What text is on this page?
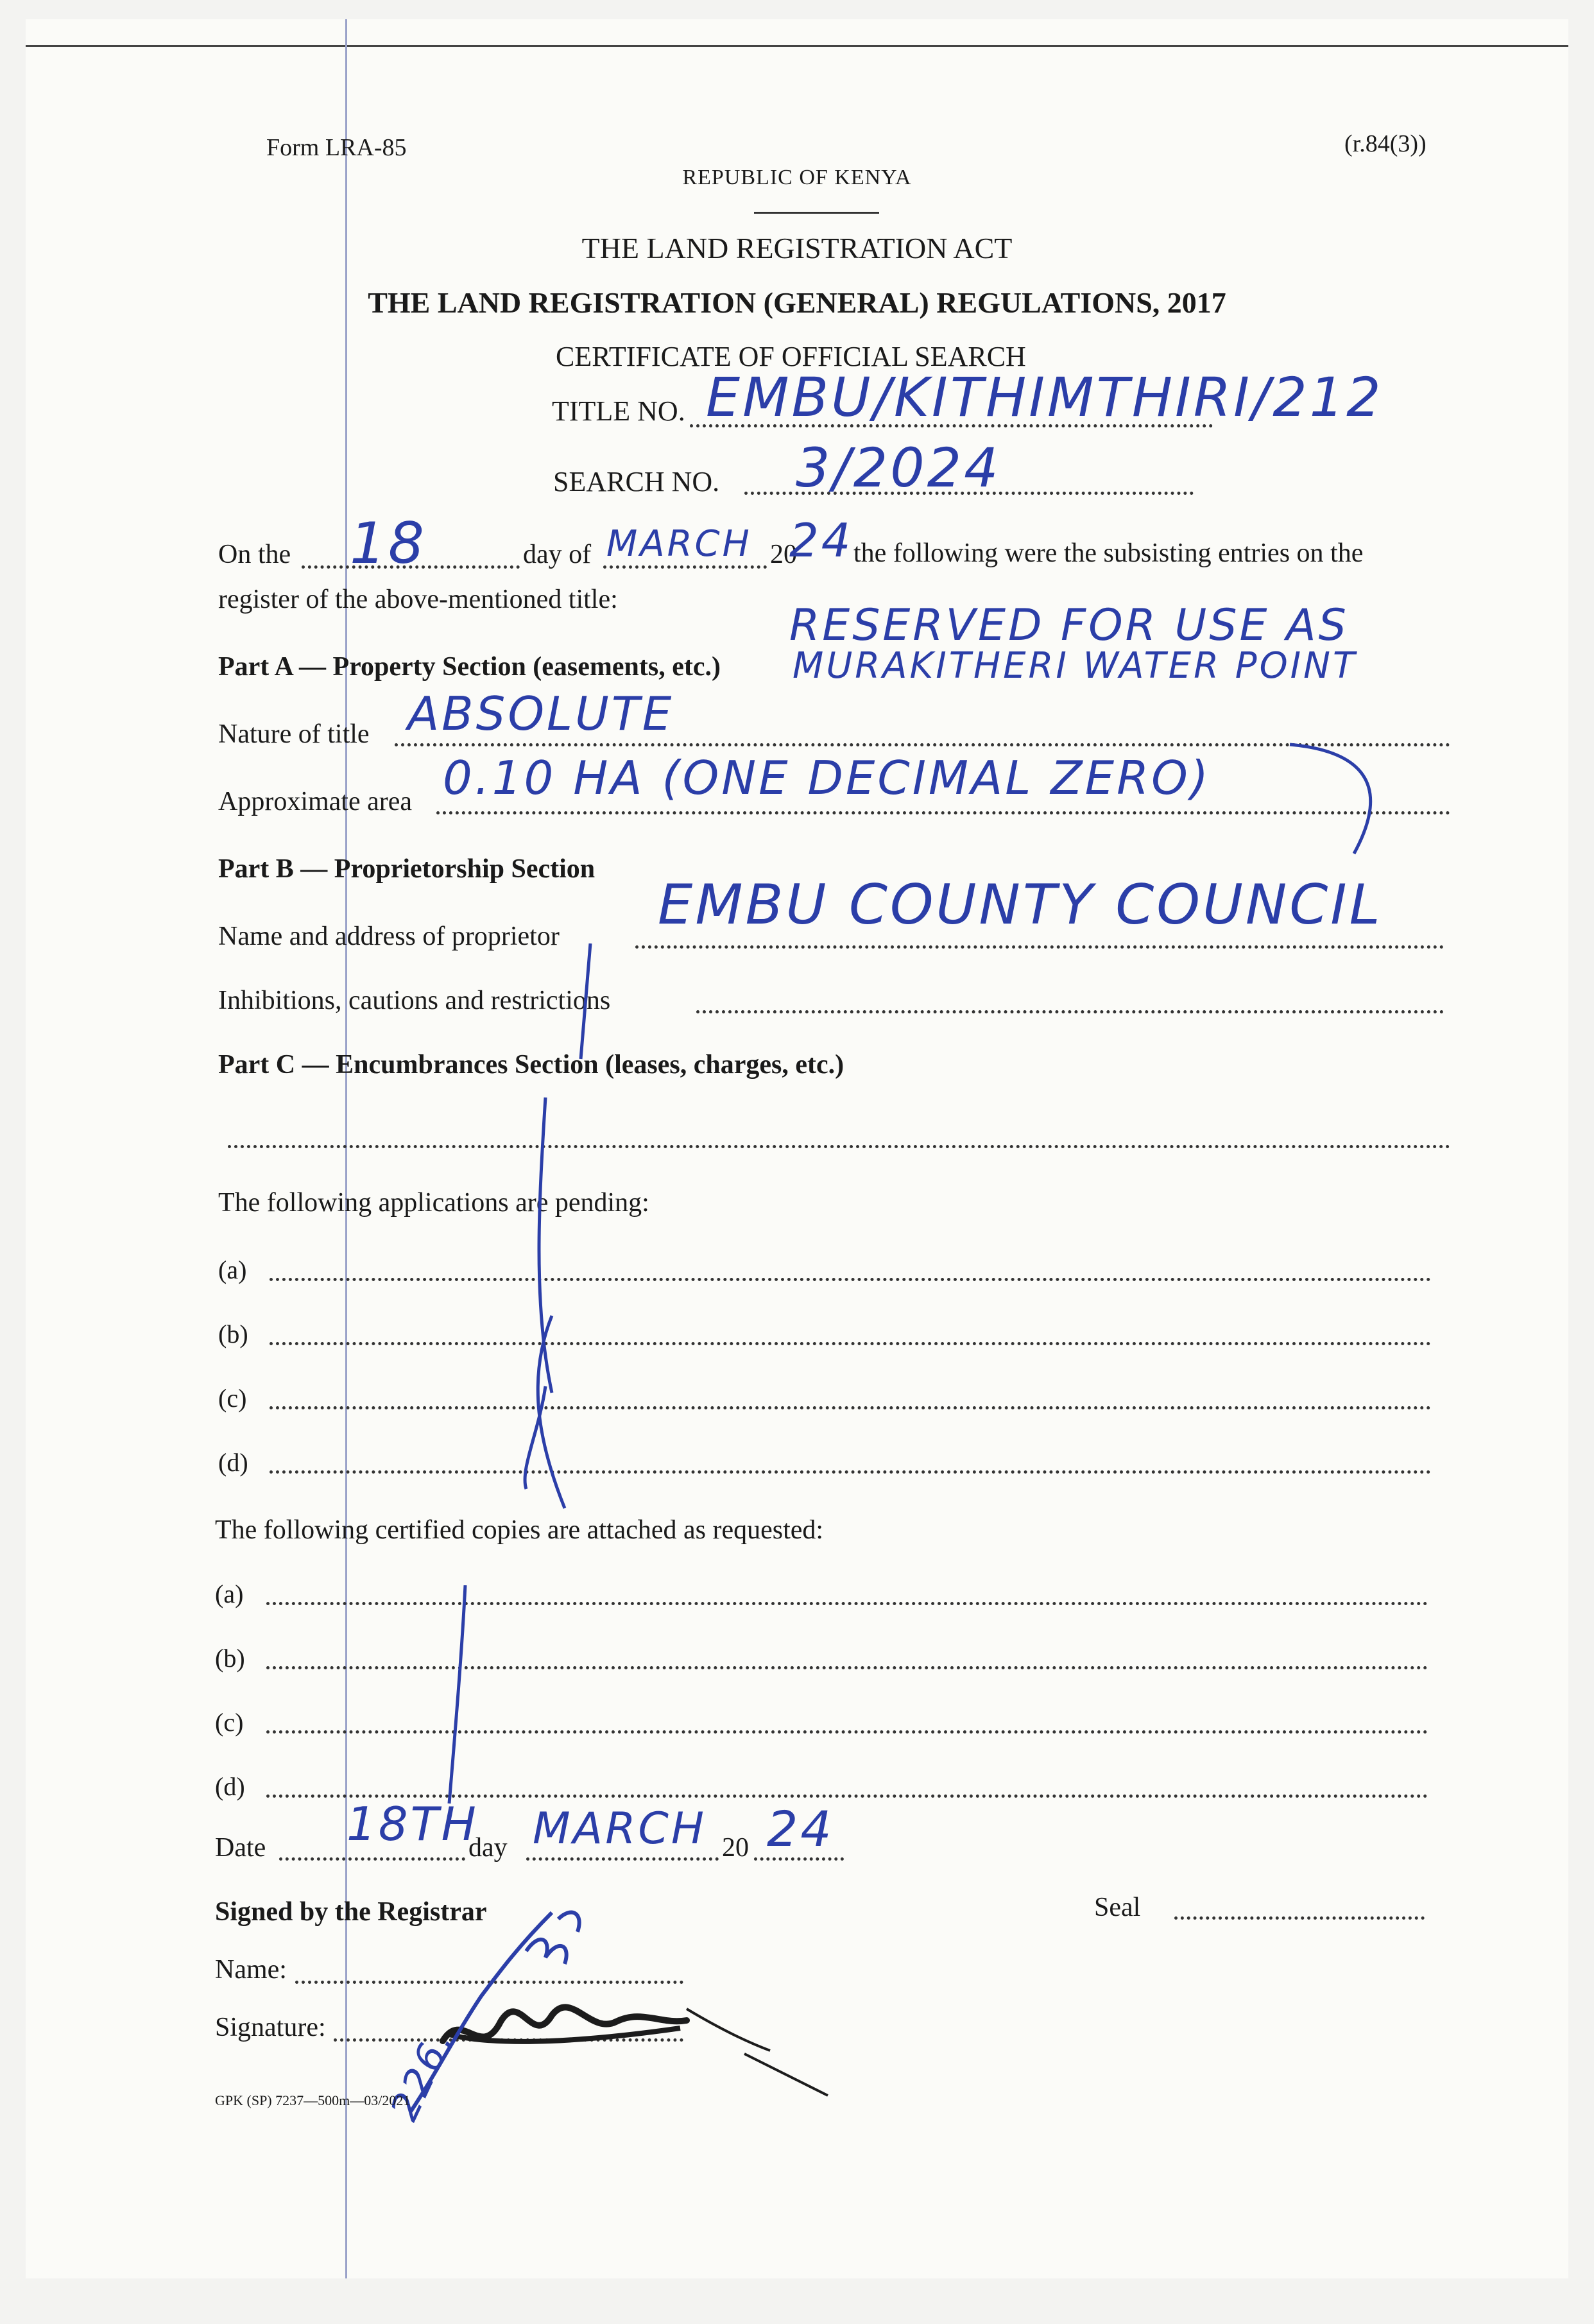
Form LRA-85	(r.84(3))
REPUBLIC OF KENYA
THE LAND REGISTRATION ACT
THE LAND REGISTRATION (GENERAL) REGULATIONS, 2017
CERTIFICATE OF OFFICIAL SEARCH
TITLE NO. EMBU/KITHIMTHIRI/212
SEARCH NO. 3/2024
On the 18	day of MARCH 20
24 the following were the subsisting entries on the
register of the above-mentioned title:
Part A — Property Section (easements, etc.)
RESERVED FOR USE AS
MURAKITHERI WATER POINT
Nature of title ABSOLUTE
Approximate area 0.10 HA (ONE DECIMAL ZERO)
Part B — Proprietorship Section
Name and address of proprietor EMBU COUNTY COUNCIL
Inhibitions, cautions and restrictions
Part C — Encumbrances Section (leases, charges, etc.)
The following applications are pending:
(a)
(b)
(c)
(d)
The following certified copies are attached as requested:
(a)
(b)
(c)
(d)
Date 18TH
day MARCH 20 24
Signed by the Registrar	Seal
Name:
Signature: 226.
GPK (SP) 7237—500m—03/2021
